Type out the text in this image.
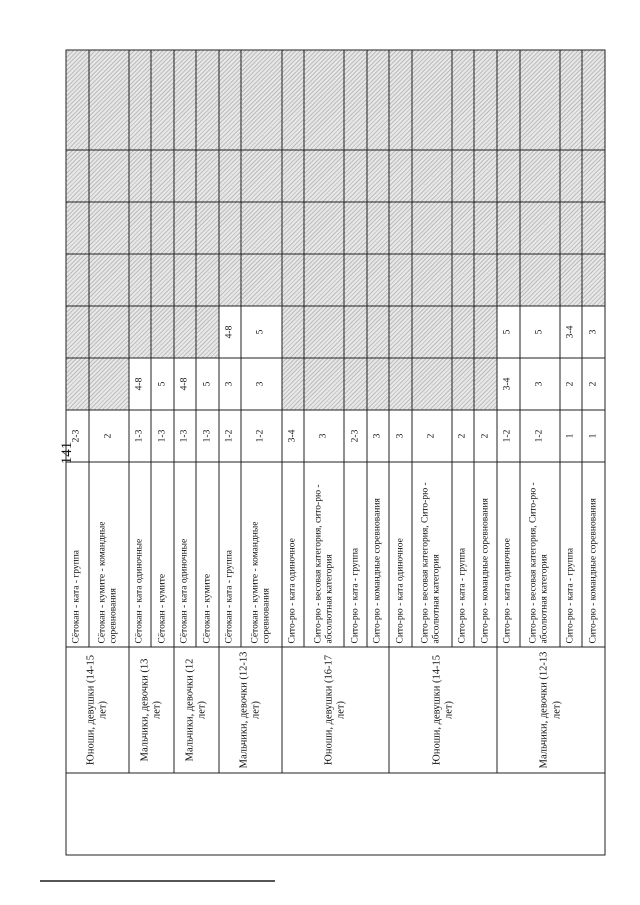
141
	Юноши, девушки (14-15 лет)	Сётокан - ката - группа	2-3						
		Сётокан - кумите - командные соревнования	2						
	Мальчики, девочки (13 лет)	Сётокан - ката одиночные	1-3	4-8					
		Сётокан - кумите	1-3	5					
	Мальчики, девочки (12 лет)	Сётокан - ката одиночные	1-3	4-8					
		Сётокан - кумите	1-3	5					
	Мальчики, девочки (12-13 лет)	Сётокан - ката - группа	1-2	3	4-8				
		Сётокан - кумите - командные соревнования	1-2	3	5				
	Юноши, девушки (16-17 лет)	Сито-рю - ката одиночное	3-4						
		Сито-рю - весовая категория, сито-рю - абсолютная категория	3						
		Сито-рю - ката - группа	2-3						
		Сито-рю - командные соревнования	3						
	Юноши, девушки (14-15 лет)	Сито-рю - ката одиночное	3						
		Сито-рю - весовая категория, Сито-рю - абсолютная категория	2						
		Сито-рю - ката - группа	2						
		Сито-рю - командные соревнования	2						
	Мальчики, девочки (12-13 лет)	Сито-рю - ката одиночное	1-2	3-4	5				
		Сито-рю - весовая категория, Сито-рю - абсолютная категория	1-2	3	5				
		Сито-рю - ката - группа	1	2	3-4				
		Сито-рю - командные соревнования	1	2	3				
